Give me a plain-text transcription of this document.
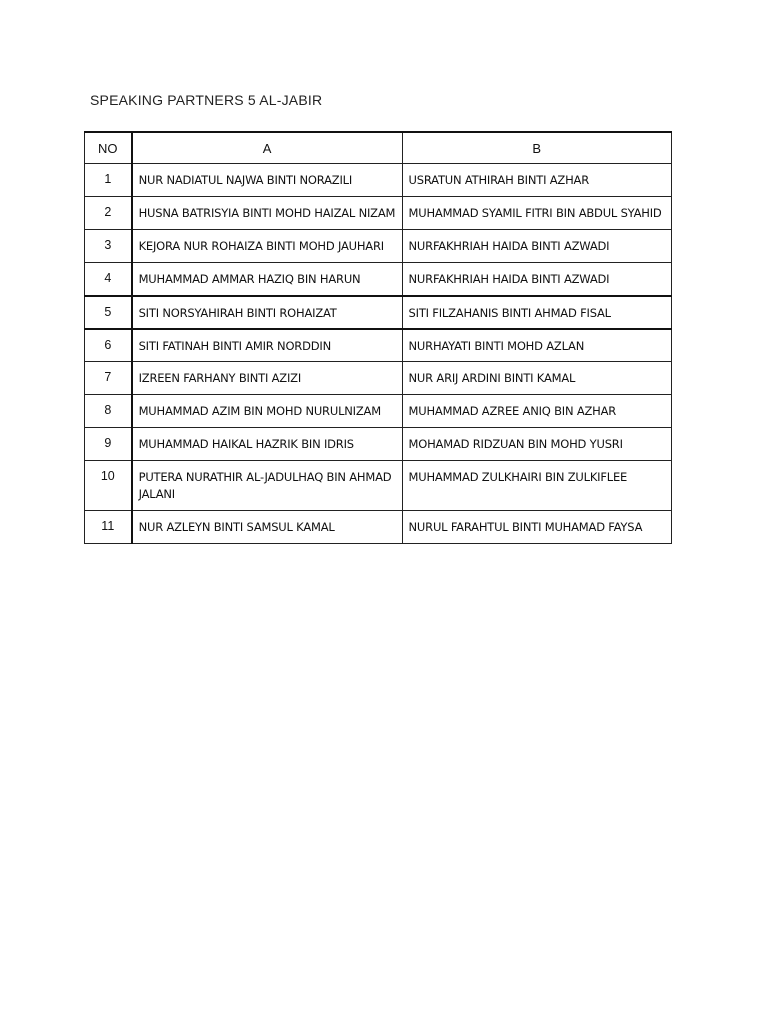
SPEAKING PARTNERS 5 AL-JABIR
NO	A	B
1	NUR NADIATUL NAJWA BINTI NORAZILI	USRATUN ATHIRAH BINTI AZHAR
2	HUSNA BATRISYIA BINTI MOHD HAIZAL NIZAM	MUHAMMAD SYAMIL FITRI BIN ABDUL SYAHID
3	KEJORA NUR ROHAIZA BINTI MOHD JAUHARI	NURFAKHRIAH HAIDA BINTI AZWADI
4	MUHAMMAD AMMAR HAZIQ BIN HARUN	NURFAKHRIAH HAIDA BINTI AZWADI
5	SITI NORSYAHIRAH BINTI ROHAIZAT	SITI FILZAHANIS BINTI AHMAD FISAL
6	SITI FATINAH BINTI AMIR NORDDIN	NURHAYATI BINTI MOHD AZLAN
7	IZREEN FARHANY BINTI AZIZI	NUR ARIJ ARDINI BINTI KAMAL
8	MUHAMMAD AZIM BIN MOHD NURULNIZAM	MUHAMMAD AZREE ANIQ BIN AZHAR
9	MUHAMMAD HAIKAL HAZRIK BIN IDRIS	MOHAMAD RIDZUAN BIN MOHD YUSRI
10	PUTERA NURATHIR AL-JADULHAQ BIN AHMAD JALANI	MUHAMMAD ZULKHAIRI BIN ZULKIFLEE
11	NUR AZLEYN BINTI SAMSUL KAMAL	NURUL FARAHTUL BINTI MUHAMAD FAYSA
